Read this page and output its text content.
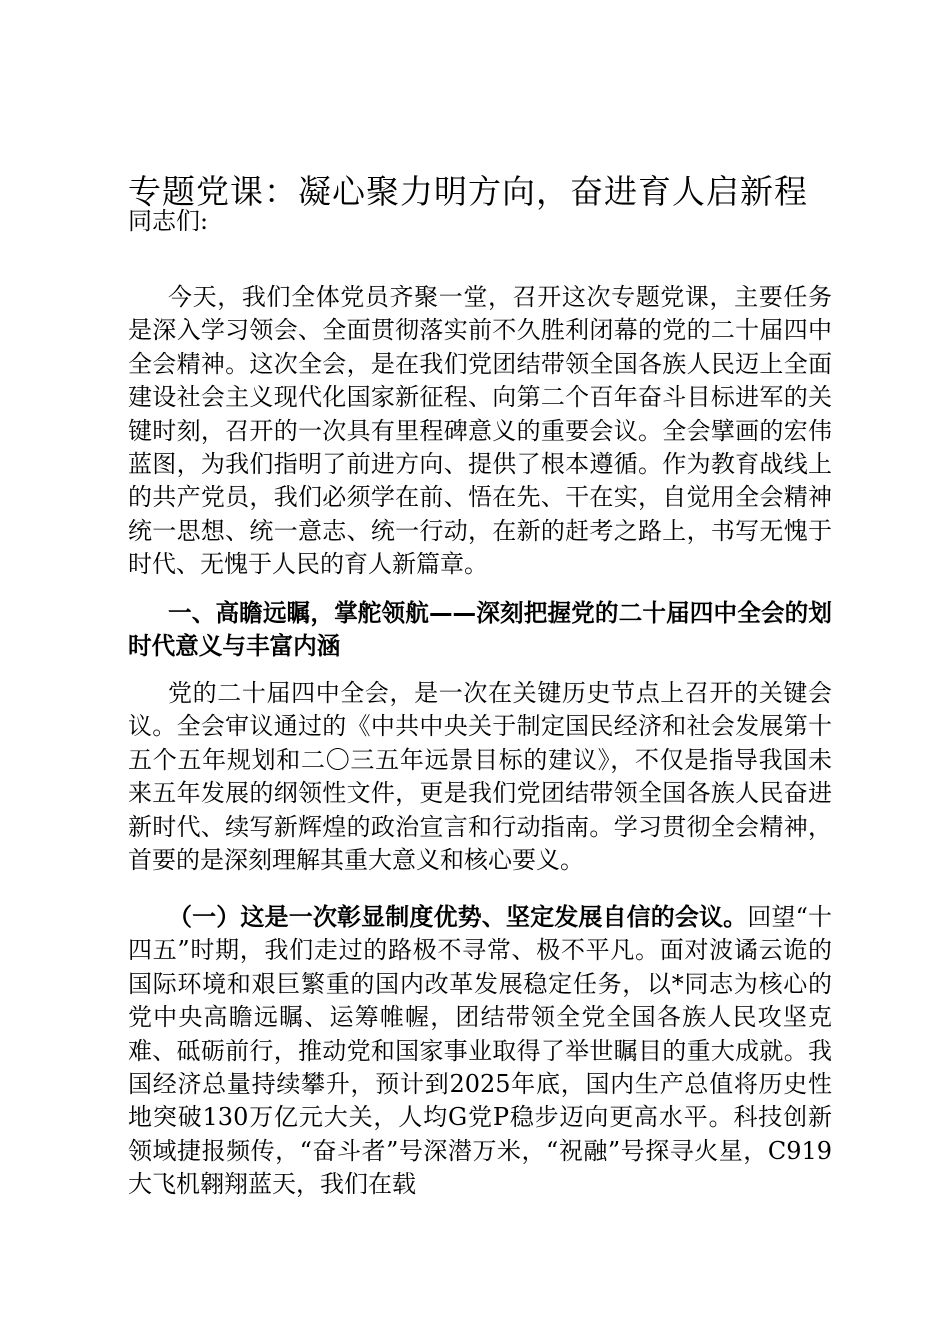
专题党课：凝心聚力明方向，奋进育人启新程
同志们:

今天，我们全体党员齐聚一堂，召开这次专题党课，主要任务是深入学习领会、全面贯彻落实前不久胜利闭幕的党的二十届四中全会精神。这次全会，是在我们党团结带领全国各族人民迈上全面建设社会主义现代化国家新征程、向第二个百年奋斗目标进军的关键时刻，召开的一次具有里程碑意义的重要会议。全会擘画的宏伟蓝图，为我们指明了前进方向、提供了根本遵循。作为教育战线上的共产党员，我们必须学在前、悟在先、干在实，自觉用全会精神统一思想、统一意志、统一行动，在新的赶考之路上，书写无愧于时代、无愧于人民的育人新篇章。

一、高瞻远瞩，掌舵领航——深刻把握党的二十届四中全会的划时代意义与丰富内涵

党的二十届四中全会，是一次在关键历史节点上召开的关键会议。全会审议通过的《中共中央关于制定国民经济和社会发展第十五个五年规划和二〇三五年远景目标的建议》，不仅是指导我国未来五年发展的纲领性文件，更是我们党团结带领全国各族人民奋进新时代、续写新辉煌的政治宣言和行动指南。学习贯彻全会精神，首要的是深刻理解其重大意义和核心要义。

（一）这是一次彰显制度优势、坚定发展自信的会议。回望“十四五”时期，我们走过的路极不寻常、极不平凡。面对波谲云诡的国际环境和艰巨繁重的国内改革发展稳定任务，以*同志为核心的党中央高瞻远瞩、运筹帷幄，团结带领全党全国各族人民攻坚克难、砥砺前行，推动党和国家事业取得了举世瞩目的重大成就。我国经济总量持续攀升，预计到2025年底，国内生产总值将历史性地突破130万亿元大关，人均G党P稳步迈向更高水平。科技创新领域捷报频传，“奋斗者”号深潜万米，“祝融”号探寻火星，C919大飞机翱翔蓝天，我们在载
